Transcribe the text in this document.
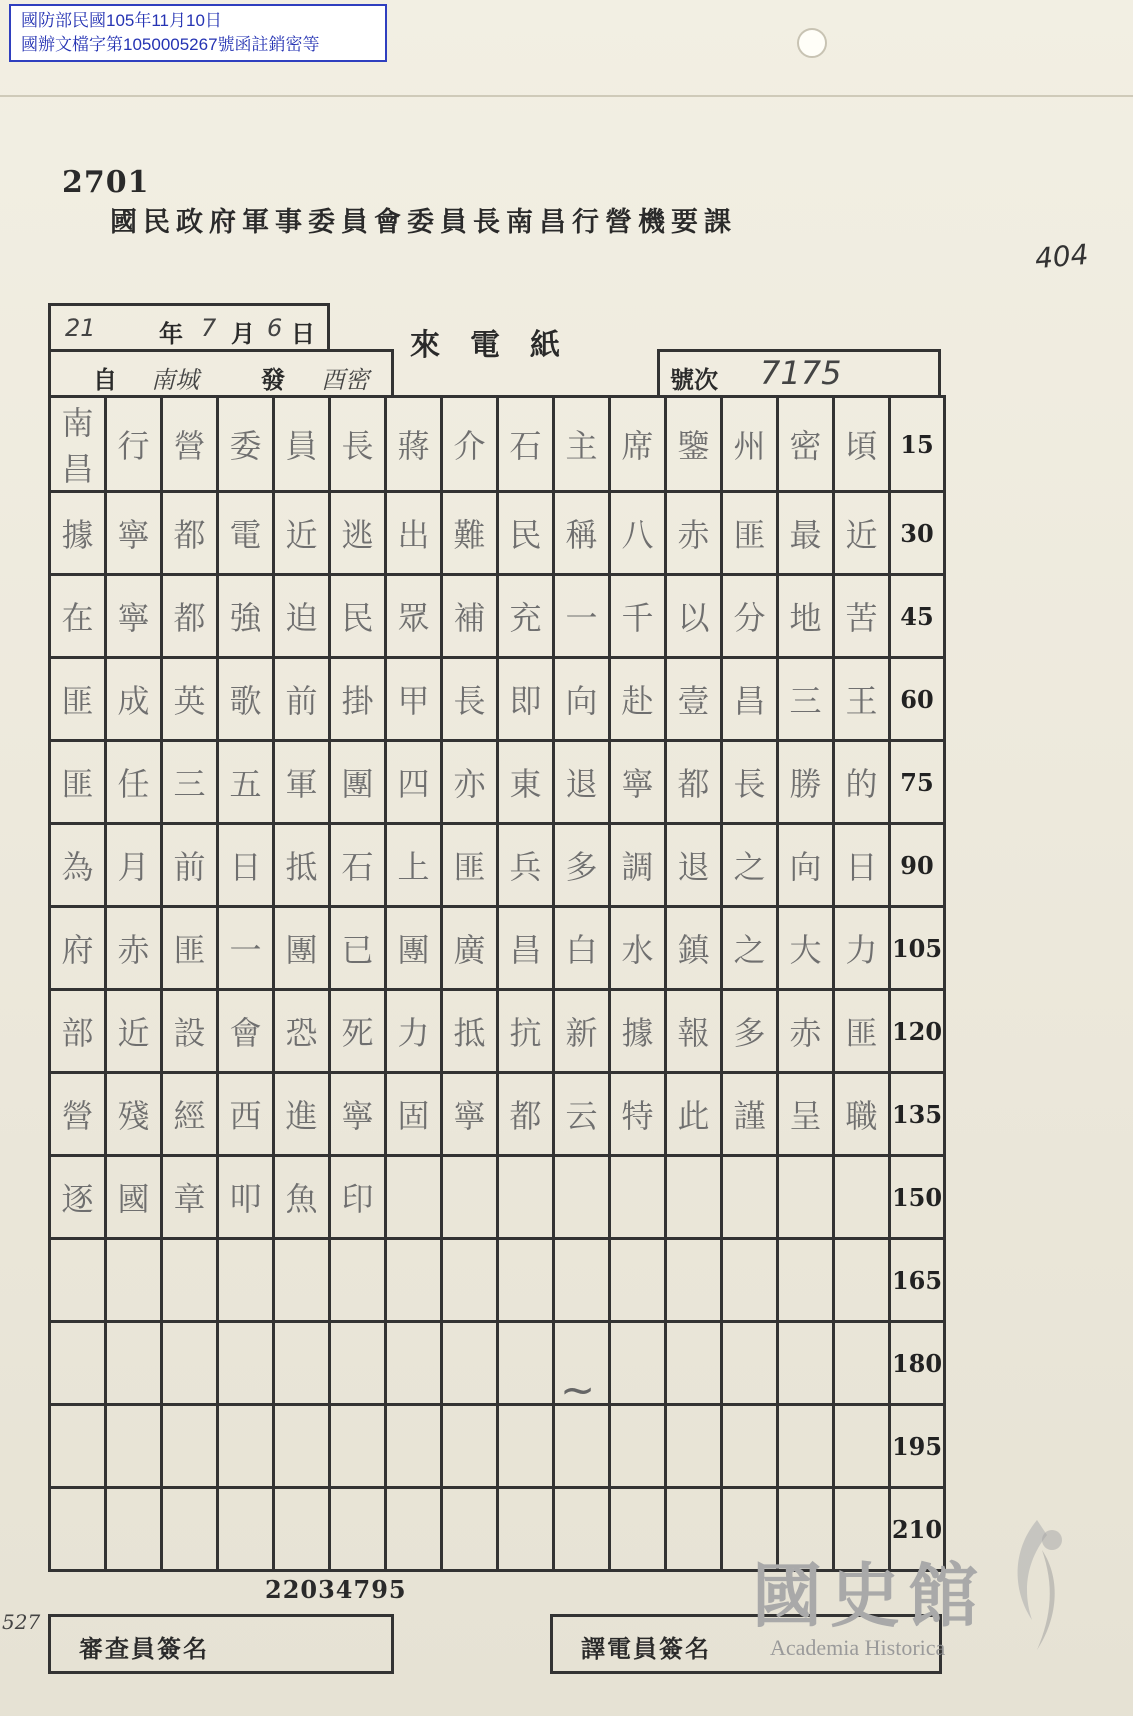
國防部民國105年11月10日
國辦文檔字第1050005267號函註銷密等
2701
國民政府軍事委員會委員長南昌行營機要課
404
527
來電紙
21	年 7 月 6 日
自 南城	發 酉密	號次 7175
南昌	行	營	委	員	長	蔣	介	石	主	席	鑒	州	密	頃	15
據	寧	都	電	近	逃	出	難	民	稱	八	赤	匪	最	近	30
在	寧	都	強	迫	民	眾	補	充	一	千	以	分	地	苦	45
匪	成	英	歌	前	掛	甲	長	即	向	赴	壹	昌	三	王	60
匪	任	三	五	軍	團	四	亦	東	退	寧	都	長	勝	的	75
為	月	前	日	抵	石	上	匪	兵	多	調	退	之	向	日	90
府	赤	匪	一	團	已	團	廣	昌	白	水	鎮	之	大	力	105
部	近	設	會	恐	死	力	抵	抗	新	據	報	多	赤	匪	120
營	殘	經	西	進	寧	固	寧	都	云	特	此	謹	呈	職	135
逐	國	章	叩	魚	印										150
															165
															180
															195
															210
~
22034795
審查員簽名	譯電員簽名
國史館
Academia Historica
